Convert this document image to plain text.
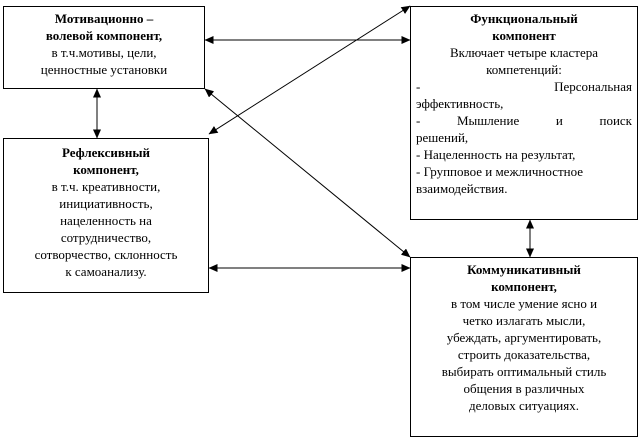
Мотивационно –
волевой компонент,
в т.ч.мотивы, цели,
ценностные установки
Функциональный
компонент
Включает четыре кластера
компетенций:
-                    Персональная
эффективность,
-   Мышление   и   поиск
решений,
- Нацеленность на результат,
- Групповое и межличностное
взаимодействия.
Рефлексивный
компонент,
в т.ч. креативности,
инициативность,
нацеленность на
сотрудничество,
сотворчество, склонность
к самоанализу.	Коммуникативный
компонент,
в том числе умение ясно и
четко излагать мысли,
убеждать, аргументировать,
строить доказательства,
выбирать оптимальный стиль
общения в различных
деловых ситуациях.
